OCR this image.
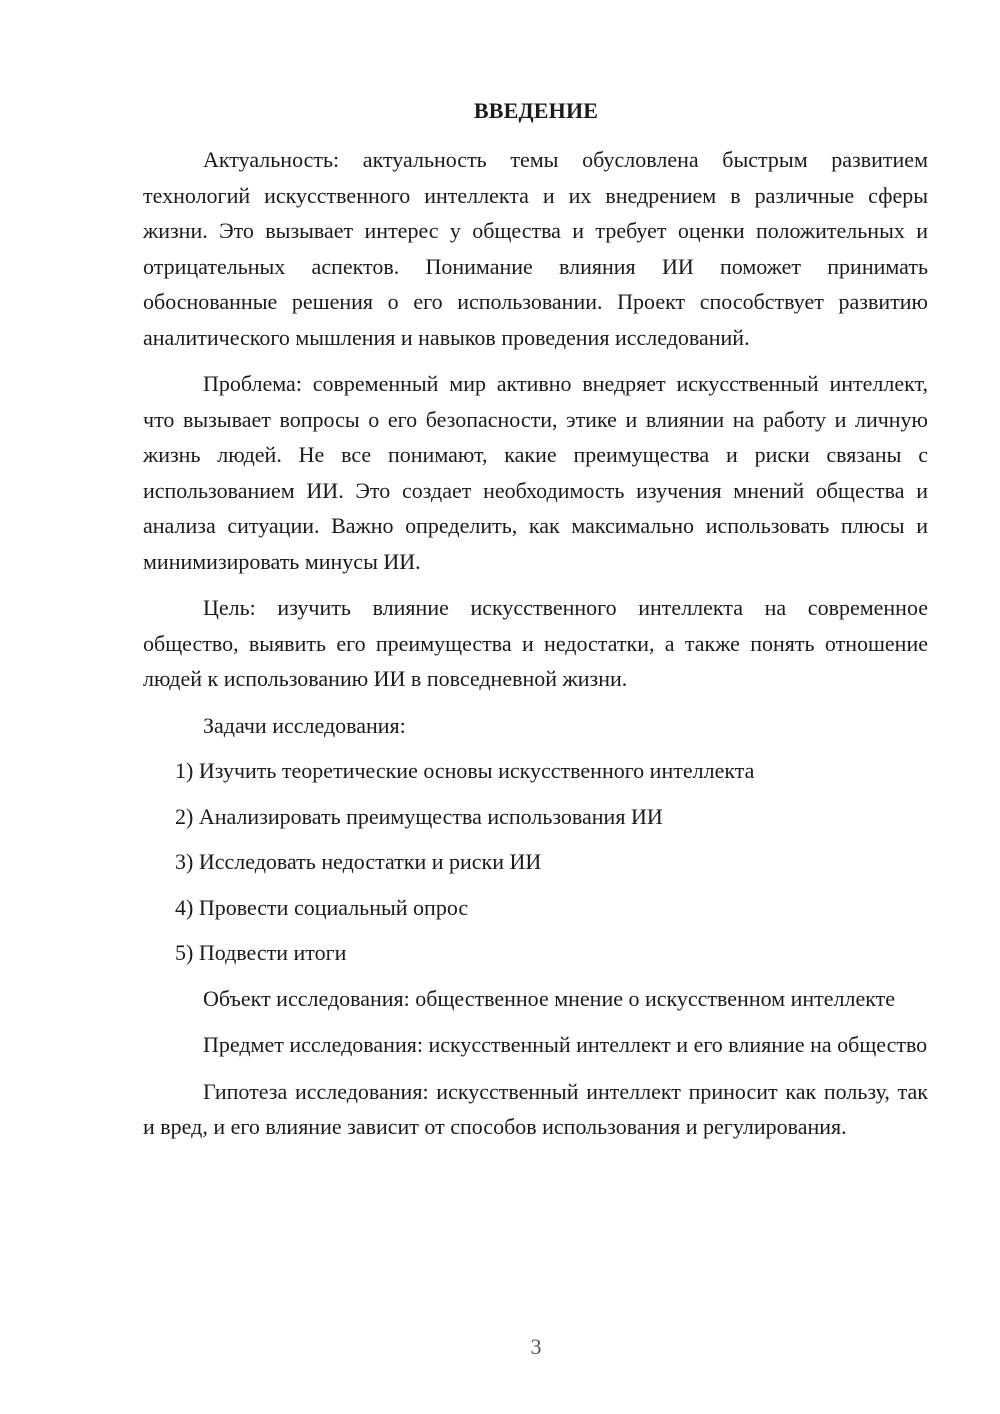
ВВЕДЕНИЕ

Актуальность: актуальность темы обусловлена быстрым развитием технологий искусственного интеллекта и их внедрением в различные сферы жизни. Это вызывает интерес у общества и требует оценки положительных и отрицательных аспектов. Понимание влияния ИИ поможет принимать обоснованные решения о его использовании. Проект способствует развитию аналитического мышления и навыков проведения исследований.

Проблема: современный мир активно внедряет искусственный интеллект, что вызывает вопросы о его безопасности, этике и влиянии на работу и личную жизнь людей. Не все понимают, какие преимущества и риски связаны с использованием ИИ. Это создает необходимость изучения мнений общества и анализа ситуации. Важно определить, как максимально использовать плюсы и минимизировать минусы ИИ.

Цель: изучить влияние искусственного интеллекта на современное общество, выявить его преимущества и недостатки, а также понять отношение людей к использованию ИИ в повседневной жизни.

Задачи исследования:

1) Изучить теоретические основы искусственного интеллекта

2) Анализировать преимущества использования ИИ

3) Исследовать недостатки и риски ИИ

4) Провести социальный опрос

5) Подвести итоги

Объект исследования: общественное мнение о искусственном интеллекте

Предмет исследования: искусственный интеллект и его влияние на общество

Гипотеза исследования: искусственный интеллект приносит как пользу, так и вред, и его влияние зависит от способов использования и регулирования.

3
